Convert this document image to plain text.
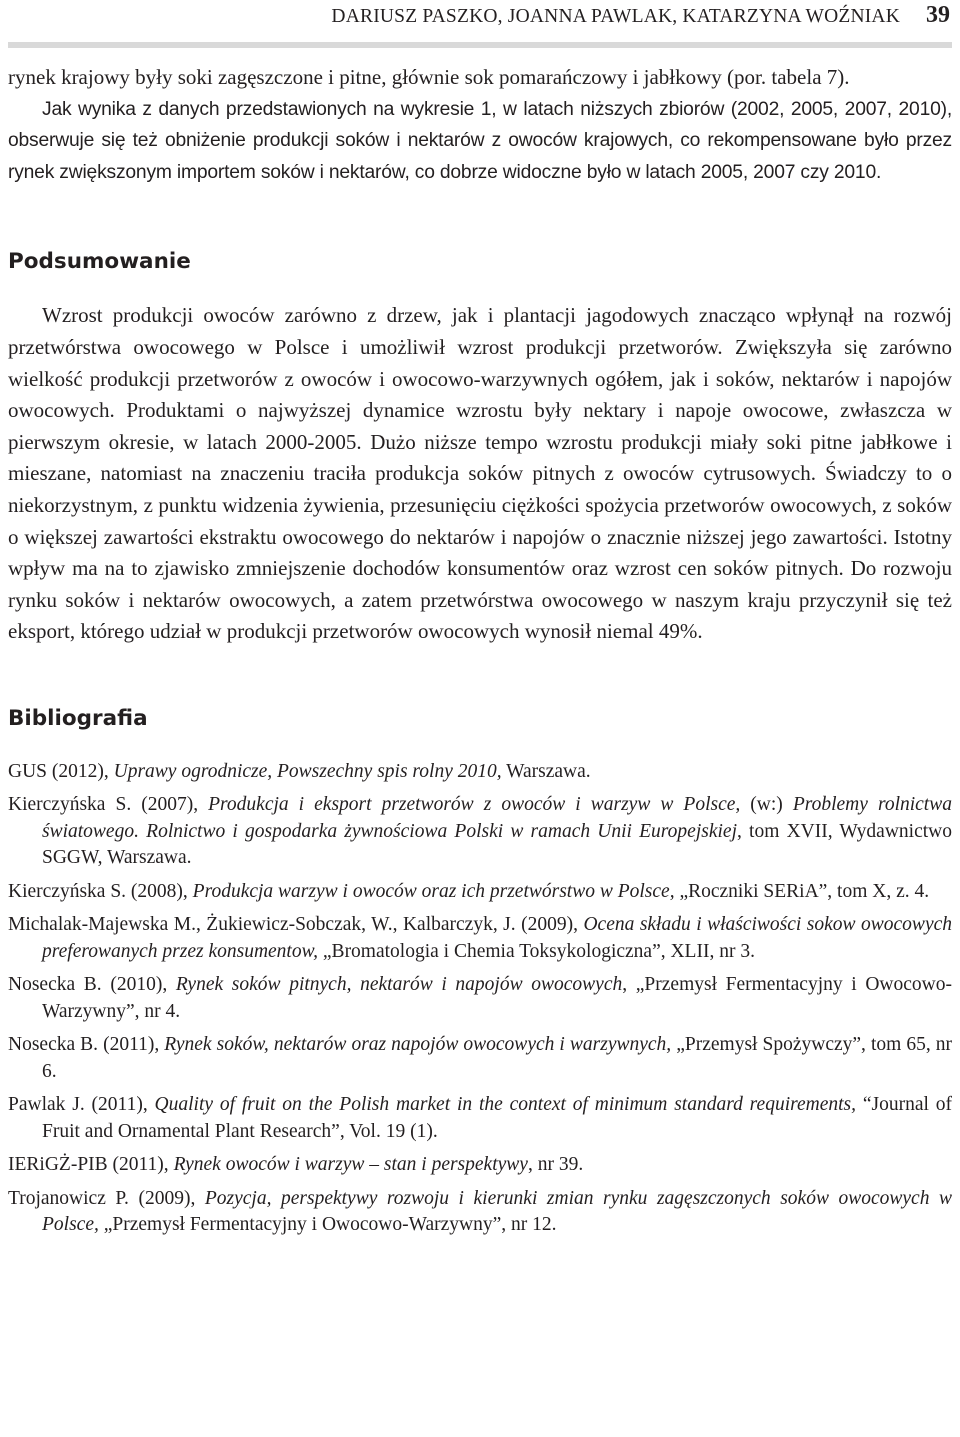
DARIUSZ PASZKO, JOANNA PAWLAK, KATARZYNA WOŹNIAK 39

rynek krajowy były soki zagęszczone i pitne, głównie sok pomarańczowy i jabłkowy (por. tabela 7).

Jak wynika z danych przedstawionych na wykresie 1, w latach niższych zbiorów (2002, 2005, 2007, 2010), obserwuje się też obniżenie produkcji soków i nektarów z owoców krajowych, co rekompensowane było przez rynek zwiększonym importem soków i nektarów, co dobrze widoczne było w latach 2005, 2007 czy 2010.

Podsumowanie

Wzrost produkcji owoców zarówno z drzew, jak i plantacji jagodowych znacząco wpłynął na rozwój przetwórstwa owocowego w Polsce i umożliwił wzrost produkcji przetworów. Zwiększyła się zarówno wielkość produkcji przetworów z owoców i owocowo-warzywnych ogółem, jak i soków, nektarów i napojów owocowych. Produktami o najwyższej dynamice wzrostu były nektary i napoje owocowe, zwłaszcza w pierwszym okresie, w latach 2000-2005. Dużo niższe tempo wzrostu produkcji miały soki pitne jabłkowe i mieszane, natomiast na znaczeniu traciła produkcja soków pitnych z owoców cytrusowych. Świadczy to o niekorzystnym, z punktu widzenia żywienia, przesunięciu ciężkości spożycia przetworów owocowych, z soków o większej zawartości ekstraktu owocowego do nektarów i napojów o znacznie niższej jego zawartości. Istotny wpływ ma na to zjawisko zmniejszenie dochodów konsumentów oraz wzrost cen soków pitnych. Do rozwoju rynku soków i nektarów owocowych, a zatem przetwórstwa owocowego w naszym kraju przyczynił się też eksport, którego udział w produkcji przetworów owocowych wynosił niemal 49%.

Bibliografia
GUS (2012), Uprawy ogrodnicze, Powszechny spis rolny 2010, Warszawa.
Kierczyńska S. (2007), Produkcja i eksport przetworów z owoców i warzyw w Polsce, (w:) Problemy rolnictwa światowego. Rolnictwo i gospodarka żywnościowa Polski w ramach Unii Europejskiej, tom XVII, Wydawnictwo SGGW, Warszawa.
Kierczyńska S. (2008), Produkcja warzyw i owoców oraz ich przetwórstwo w Polsce, „Roczniki SERiA”, tom X, z. 4.
Michalak-Majewska M., Żukiewicz-Sobczak, W., Kalbarczyk, J. (2009), Ocena składu i właściwości sokow owocowych preferowanych przez konsumentow, „Bromatologia i Chemia Toksykologiczna”, XLII, nr 3.
Nosecka B. (2010), Rynek soków pitnych, nektarów i napojów owocowych, „Przemysł Fermentacyjny i Owocowo-Warzywny”, nr 4.
Nosecka B. (2011), Rynek soków, nektarów oraz napojów owocowych i warzywnych, „Przemysł Spożywczy”, tom 65, nr 6.
Pawlak J. (2011), Quality of fruit on the Polish market in the context of minimum standard requirements, “Journal of Fruit and Ornamental Plant Research”, Vol. 19 (1).
IERiGŻ-PIB (2011), Rynek owoców i warzyw – stan i perspektywy, nr 39.
Trojanowicz P. (2009), Pozycja, perspektywy rozwoju i kierunki zmian rynku zagęszczonych soków owocowych w Polsce, „Przemysł Fermentacyjny i Owocowo-Warzywny”, nr 12.
